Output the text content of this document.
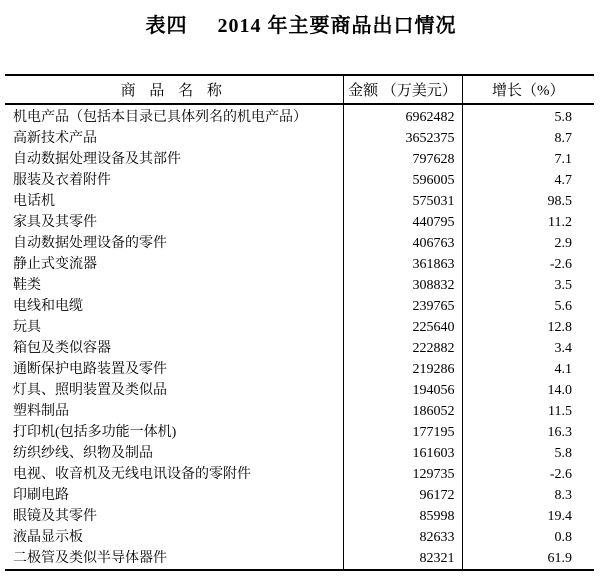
表四 2014 年主要商品出口情况
商 品 名 称	金额 （万美元）	增长（%）
机电产品（包括本目录已具体列名的机电产品）	6962482	5.8
高新技术产品	3652375	8.7
自动数据处理设备及其部件	797628	7.1
服装及衣着附件	596005	4.7
电话机	575031	98.5
家具及其零件	440795	11.2
自动数据处理设备的零件	406763	2.9
静止式变流器	361863	-2.6
鞋类	308832	3.5
电线和电缆	239765	5.6
玩具	225640	12.8
箱包及类似容器	222882	3.4
通断保护电路装置及零件	219286	4.1
灯具、照明装置及类似品	194056	14.0
塑料制品	186052	11.5
打印机(包括多功能一体机)	177195	16.3
纺织纱线、织物及制品	161603	5.8
电视、收音机及无线电讯设备的零附件	129735	-2.6
印刷电路	96172	8.3
眼镜及其零件	85998	19.4
液晶显示板	82633	0.8
二极管及类似半导体器件	82321	61.9
